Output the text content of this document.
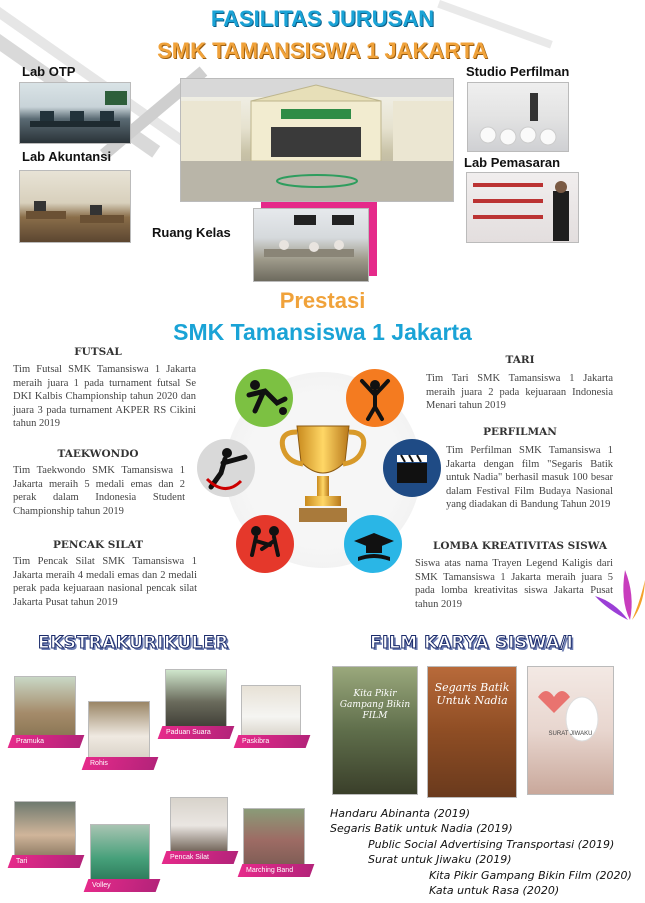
FASILITAS JURUSAN
SMK TAMANSISWA 1 JAKARTA
Lab OTP
Lab Akuntansi
Ruang Kelas
Studio Perfilman
Lab Pemasaran
Prestasi
SMK Tamansiswa 1 Jakarta
FUTSAL
Tim Futsal SMK Tamansiswa 1 Jakarta meraih juara 1 pada turnament futsal Se DKI Kalbis Championship tahun 2020 dan juara 3 pada turnament AKPER RS Cikini tahun 2019
TAEKWONDO
Tim Taekwondo SMK Tamansiswa 1 Jakarta meraih 5 medali emas dan 2 perak dalam Indonesia Student Championship tahun 2019
PENCAK SILAT
Tim Pencak Silat SMK Tamansiswa 1 Jakarta meraih 4 medali emas dan 2 medali perak pada kejuaraan nasional pencak silat Jakarta Pusat tahun 2019
TARI
Tim Tari SMK Tamansiswa 1 Jakarta meraih juara 2 pada kejuaraan Indonesia Menari tahun 2019
PERFILMAN
Tim Perfilman SMK Tamansiswa 1 Jakarta dengan film "Segaris Batik untuk Nadia" berhasil masuk 100 besar dalam Festival Film Budaya Nasional yang diadakan di Bandung Tahun 2019
LOMBA KREATIVITAS SISWA
Siswa atas nama Trayen Legend Kaligis dari SMK Tamansiswa 1 Jakarta meraih juara 5 pada lomba kreativitas siswa Jakarta Pusat tahun 2019
EKSTRAKURIKULER
Pramuka
Rohis
Paduan Suara
Paskibra
Tari
Volley
Pencak Silat
Marching Band
FILM KARYA SISWA/I
Kita Pikir Gampang Bikin FILM
Segaris Batik Untuk Nadia
SURAT JIWAKU
Handaru Abinanta (2019)
Segaris Batik untuk Nadia (2019)
Public Social Advertising Transportasi (2019)
Surat untuk Jiwaku (2019)
Kita Pikir Gampang Bikin Film (2020)
Kata untuk Rasa (2020)
